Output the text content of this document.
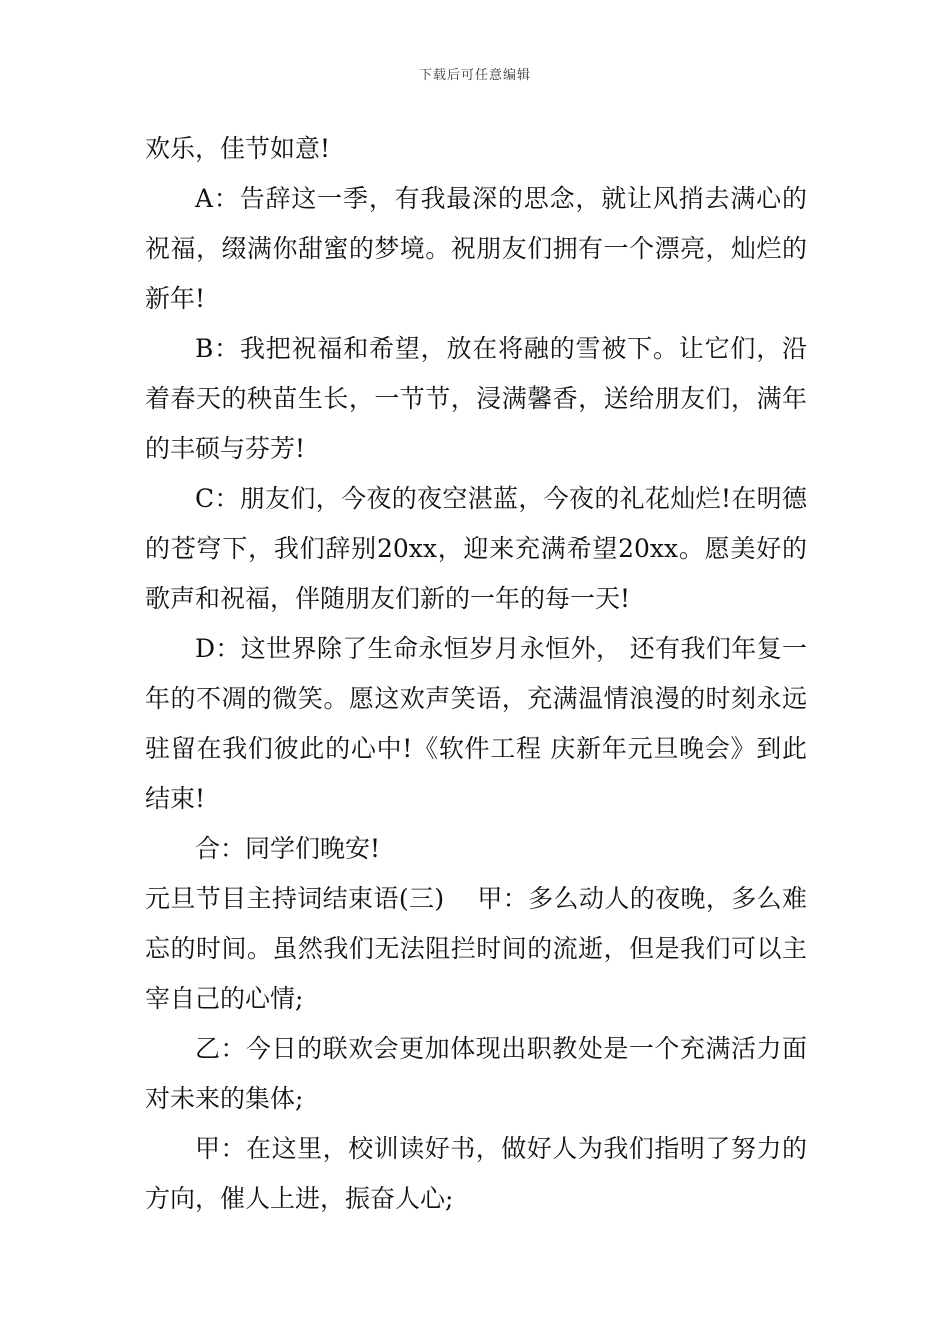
下载后可任意编辑

欢乐，佳节如意!

A：告辞这一季，有我最深的思念，就让风捎去满心的祝福，缀满你甜蜜的梦境。祝朋友们拥有一个漂亮，灿烂的新年!

B：我把祝福和希望，放在将融的雪被下。让它们，沿着春天的秧苗生长，一节节，浸满馨香，送给朋友们，满年的丰硕与芬芳!

C：朋友们，今夜的夜空湛蓝，今夜的礼花灿烂!在明德的苍穹下，我们辞别20xx，迎来充满希望20xx。愿美好的歌声和祝福，伴随朋友们新的一年的每一天!

D：这世界除了生命永恒岁月永恒外， 还有我们年复一年的不凋的微笑。愿这欢声笑语，充满温情浪漫的时刻永远驻留在我们彼此的心中!《软件工程 庆新年元旦晚会》到此结束!

合：同学们晚安!

元旦节目主持词结束语(三)    甲：多么动人的夜晚，多么难忘的时间。虽然我们无法阻拦时间的流逝，但是我们可以主宰自己的心情;

乙：今日的联欢会更加体现出职教处是一个充满活力面对未来的集体;

甲：在这里，校训读好书，做好人为我们指明了努力的方向，催人上进，振奋人心;
